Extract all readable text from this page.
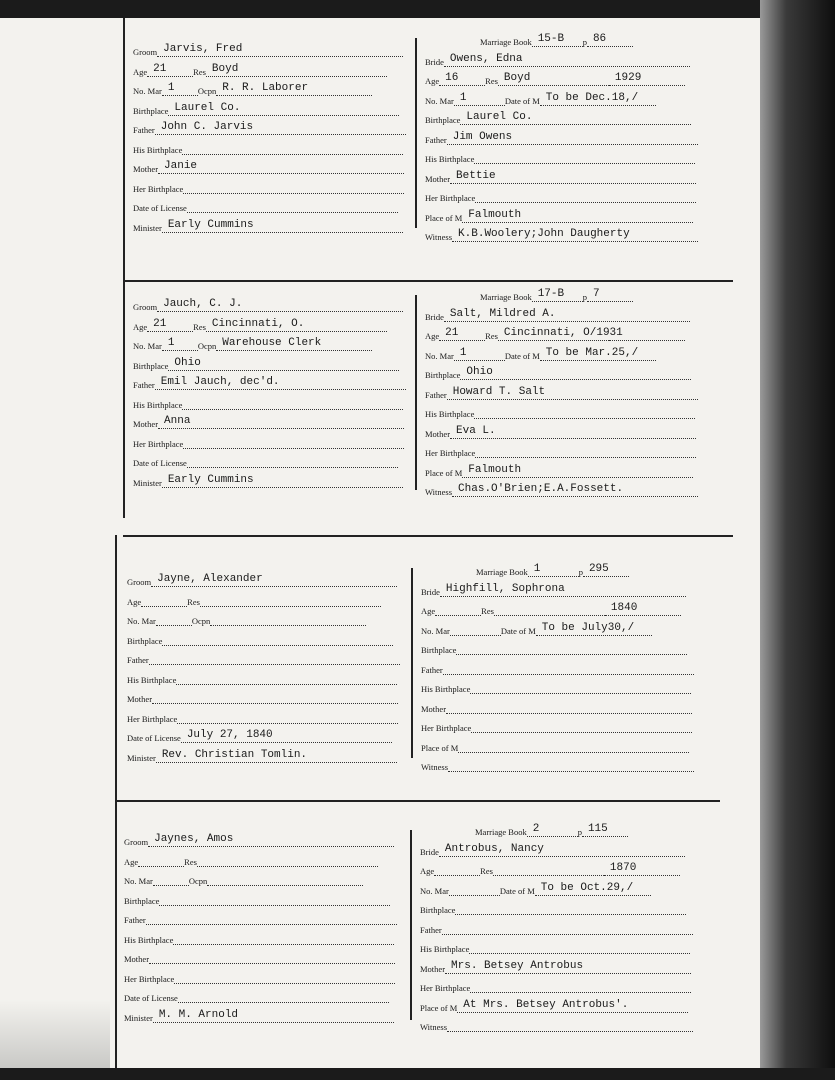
Groom Jarvis, Fred
Age 21	Res Boyd
No. Mar 1	Ocpn R. R. Laborer
Birthplace Laurel Co.
Father John C. Jarvis
His Birthplace
Mother Janie
Her Birthplace
Date of License
Minister Early Cummins
Marriage Book 15-B p 86
Bride Owens, Edna
Age 16	Res Boyd	1929
No. Mar 1	Date of M To be Dec.18,/
Birthplace Laurel Co.
Father Jim Owens
His Birthplace
Mother Bettie
Her Birthplace
Place of M Falmouth
Witness K.B.Woolery;John Daugherty
Groom Jauch, C. J.
Age 21	Res Cincinnati, O.
No. Mar 1	Ocpn Warehouse Clerk
Birthplace Ohio
Father Emil Jauch, dec'd.
His Birthplace
Mother Anna
Her Birthplace
Date of License
Minister Early Cummins
Marriage Book 17-B p 7
Bride Salt, Mildred A.
Age 21	Res Cincinnati, O/1931
No. Mar 1	Date of M To be Mar.25,/
Birthplace Ohio
Father Howard T. Salt
His Birthplace
Mother Eva L.
Her Birthplace
Place of M Falmouth
Witness Chas.O'Brien;E.A.Fossett.
Groom Jayne, Alexander
Age	Res
No. Mar	Ocpn
Birthplace
Father
His Birthplace
Mother
Her Birthplace
Date of License July 27, 1840
Minister Rev. Christian Tomlin.
Marriage Book 1	p 295
Bride Highfill, Sophrona
Age	Res	1840
No. Mar	Date of M To be July30,/
Birthplace
Father
His Birthplace
Mother
Her Birthplace
Place of M
Witness
Groom Jaynes, Amos
Age	Res
No. Mar	Ocpn
Birthplace
Father
His Birthplace
Mother
Her Birthplace
Date of License
Minister M. M. Arnold
Marriage Book 2	p 115
Bride Antrobus, Nancy
Age	Res	1870
No. Mar	Date of M To be Oct.29,/
Birthplace
Father
His Birthplace
Mother Mrs. Betsey Antrobus
Her Birthplace
Place of M At Mrs. Betsey Antrobus'.
Witness
